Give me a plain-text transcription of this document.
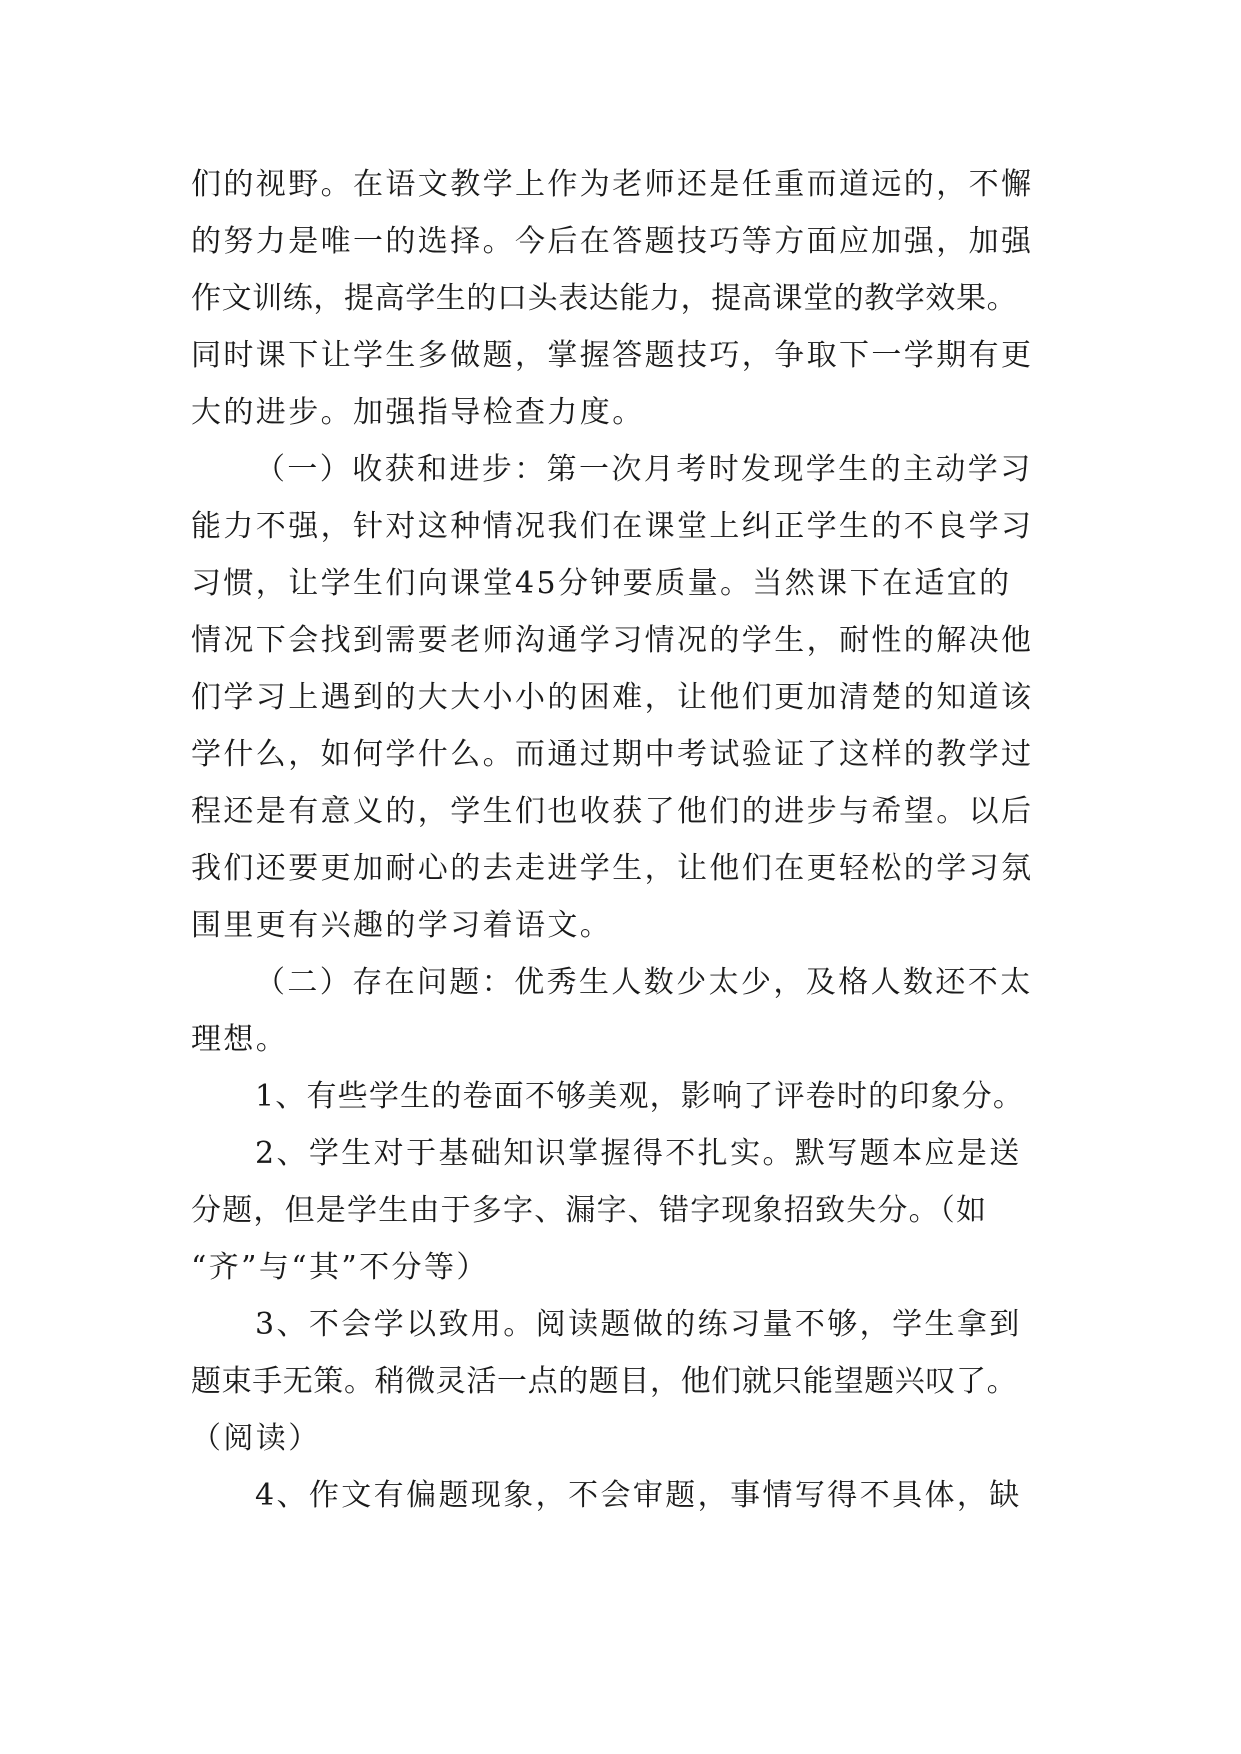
们的视野。在语文教学上作为老师还是任重而道远的，不懈
的努力是唯一的选择。今后在答题技巧等方面应加强，加强
作文训练，提高学生的口头表达能力，提高课堂的教学效果。
同时课下让学生多做题，掌握答题技巧，争取下一学期有更
大的进步。加强指导检查力度。
（一）收获和进步：第一次月考时发现学生的主动学习
能力不强，针对这种情况我们在课堂上纠正学生的不良学习
习惯，让学生们向课堂45分钟要质量。当然课下在适宜的
情况下会找到需要老师沟通学习情况的学生，耐性的解决他
们学习上遇到的大大小小的困难，让他们更加清楚的知道该
学什么，如何学什么。而通过期中考试验证了这样的教学过
程还是有意义的，学生们也收获了他们的进步与希望。以后
我们还要更加耐心的去走进学生，让他们在更轻松的学习氛
围里更有兴趣的学习着语文。
（二）存在问题：优秀生人数少太少，及格人数还不太
理想。
1、有些学生的卷面不够美观，影响了评卷时的印象分。
2、学生对于基础知识掌握得不扎实。默写题本应是送
分题，但是学生由于多字、漏字、错字现象招致失分。（如
“齐”与“其”不分等）
3、不会学以致用。阅读题做的练习量不够，学生拿到
题束手无策。稍微灵活一点的题目，他们就只能望题兴叹了。
（阅读）
4、作文有偏题现象，不会审题，事情写得不具体，缺
